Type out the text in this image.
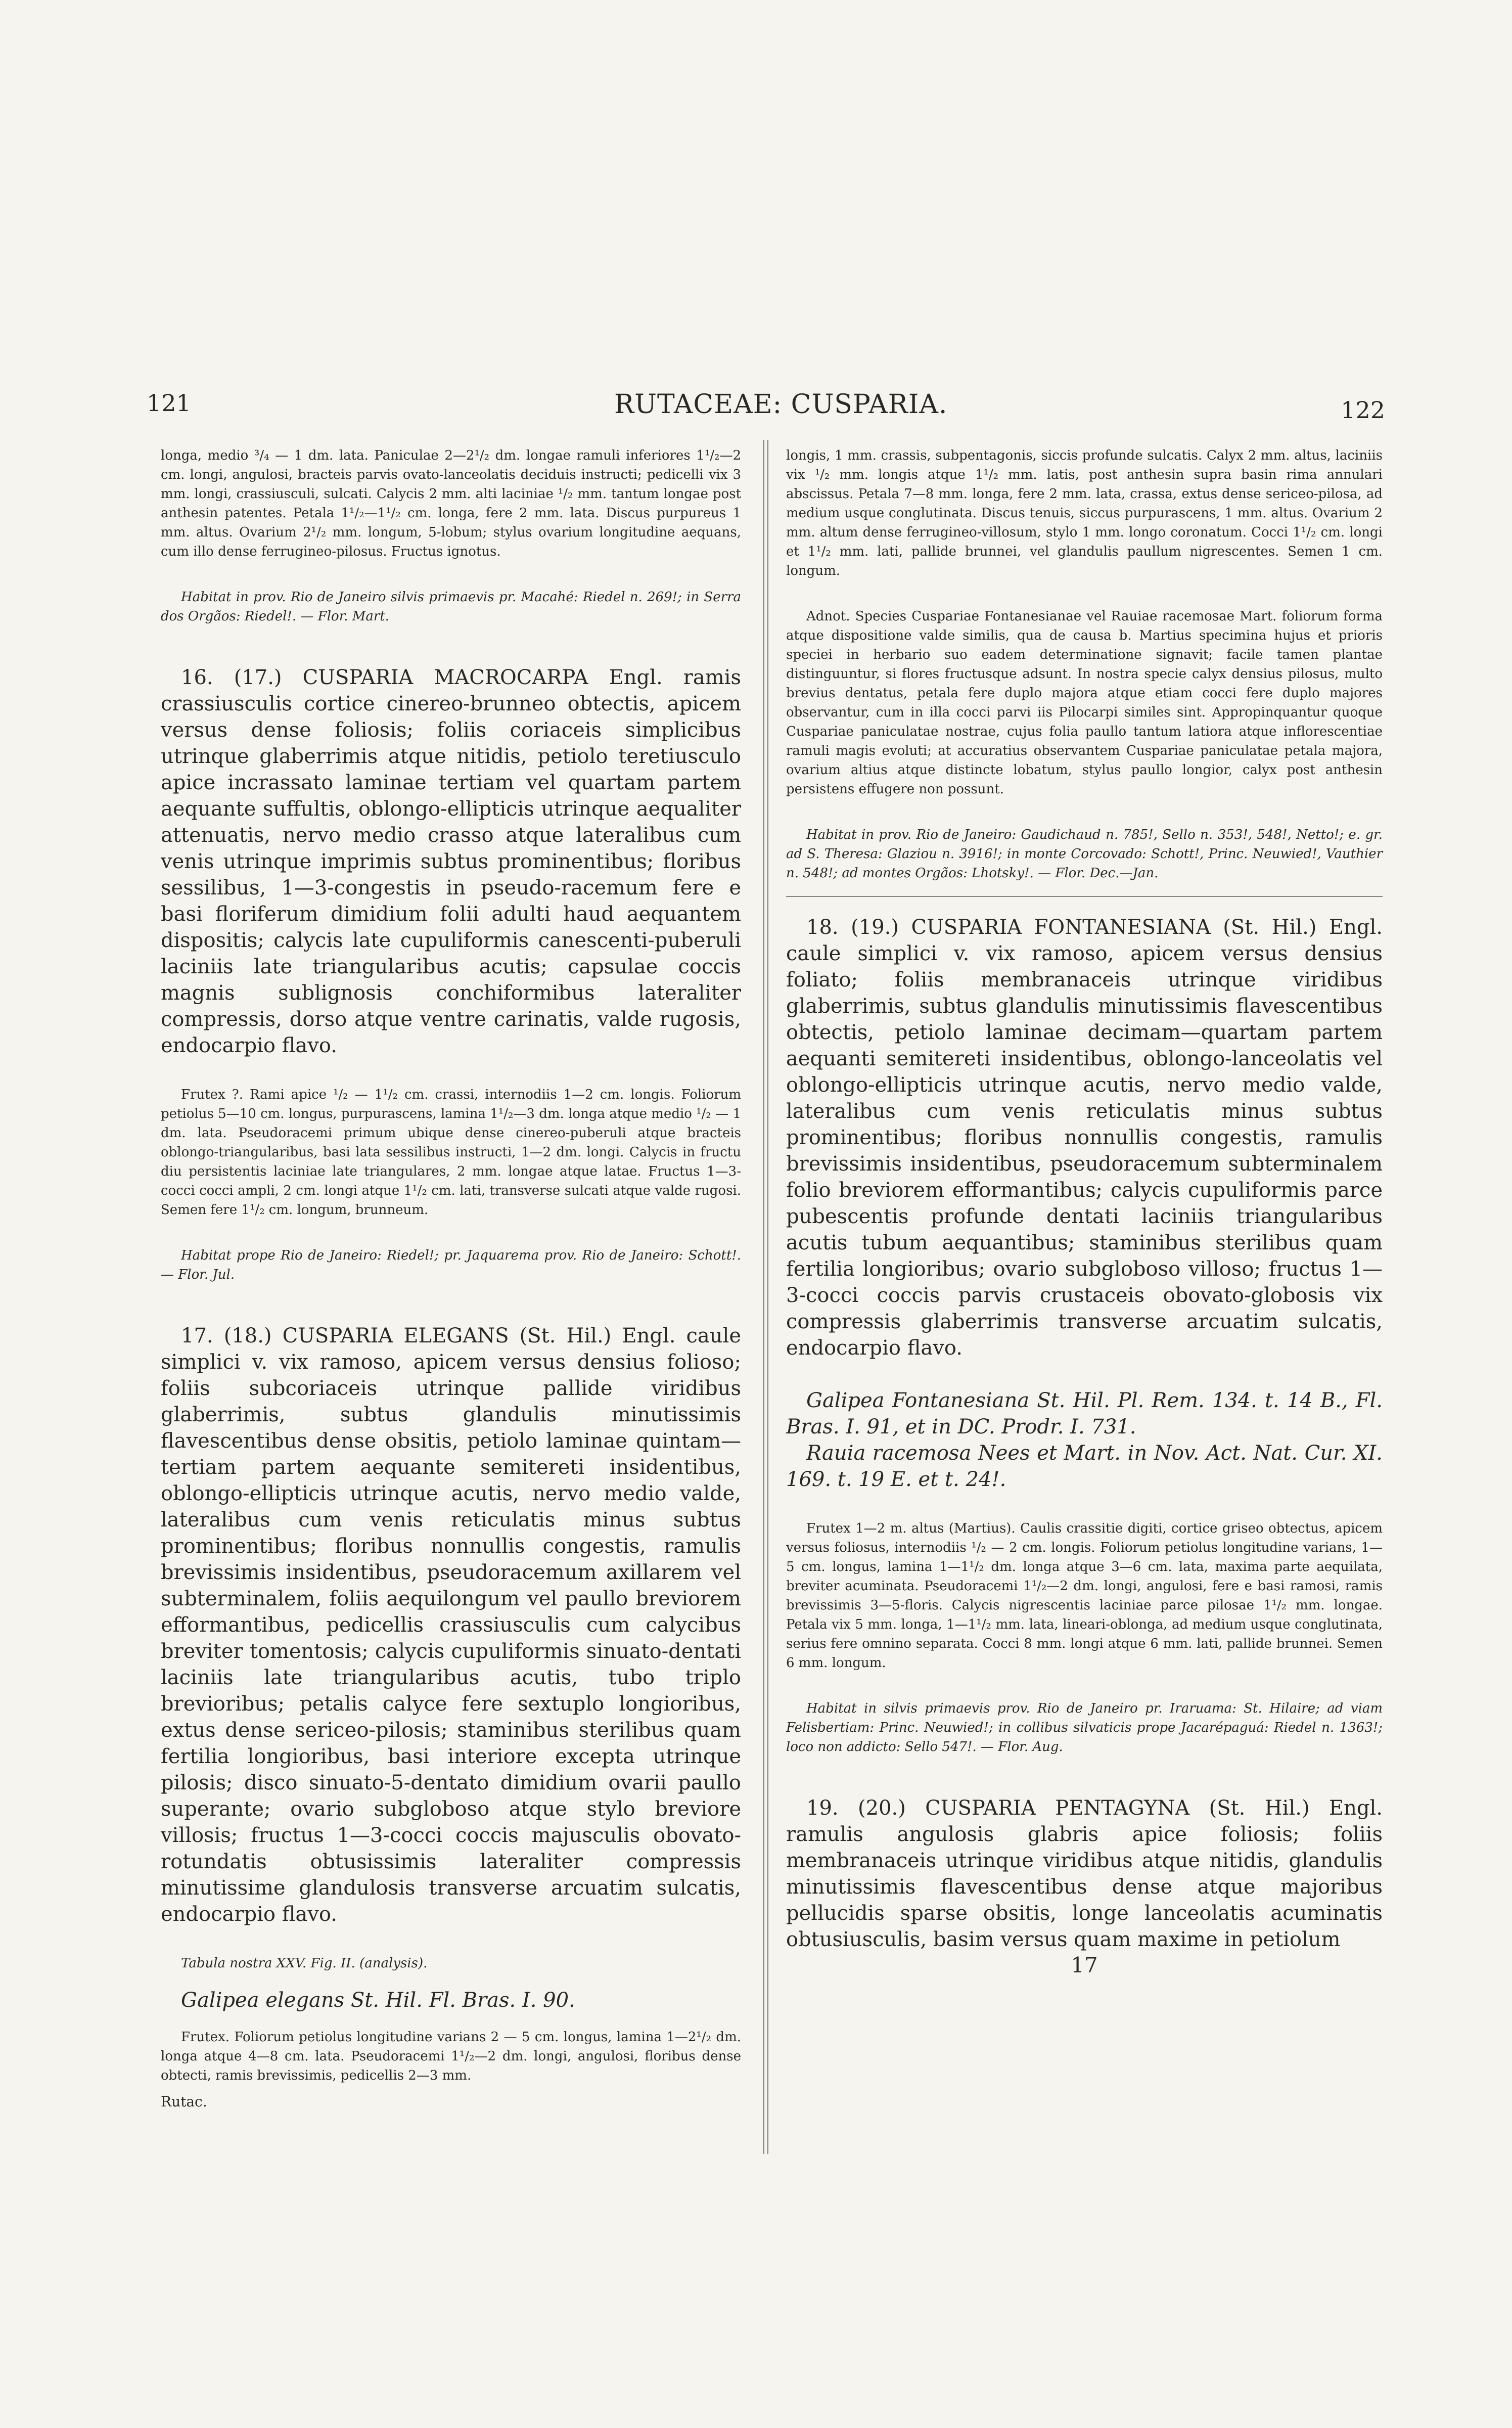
121	RUTACEAE: CUSPARIA.	122

longa, medio ³/₄ — 1 dm. lata. Paniculae 2—2¹/₂ dm. longae ramuli inferiores 1¹/₂—2 cm. longi, angulosi, bracteis parvis ovato-lanceolatis deciduis instructi; pedicelli vix 3 mm. longi, crassiusculi, sulcati. Calycis 2 mm. alti laciniae ¹/₂ mm. tantum longae post anthesin patentes. Petala 1¹/₂—1¹/₂ cm. longa, fere 2 mm. lata. Discus purpureus 1 mm. altus. Ovarium 2¹/₂ mm. longum, 5-lobum; stylus ovarium longitudine aequans, cum illo dense ferrugineo-pilosus. Fructus ignotus.

Habitat in prov. Rio de Janeiro silvis primaevis pr. Macahé: Riedel n. 269!; in Serra dos Orgãos: Riedel!. — Flor. Mart.

16. (17.) CUSPARIA MACROCARPA Engl. ramis crassiusculis cortice cinereo-brunneo obtectis, apicem versus dense foliosis; foliis coriaceis simplicibus utrinque glaberrimis atque nitidis, petiolo teretiusculo apice incrassato laminae tertiam vel quartam partem aequante suffultis, oblongo-ellipticis utrinque aequaliter attenuatis, nervo medio crasso atque lateralibus cum venis utrinque imprimis subtus prominentibus; floribus sessilibus, 1—3-congestis in pseudo-racemum fere e basi floriferum dimidium folii adulti haud aequantem dispositis; calycis late cupuliformis canescenti-puberuli laciniis late triangularibus acutis; capsulae coccis magnis sublignosis conchiformibus lateraliter compressis, dorso atque ventre carinatis, valde rugosis, endocarpio flavo.

Frutex ?. Rami apice ¹/₂ — 1¹/₂ cm. crassi, internodiis 1—2 cm. longis. Foliorum petiolus 5—10 cm. longus, purpurascens, lamina 1¹/₂—3 dm. longa atque medio ¹/₂ — 1 dm. lata. Pseudoracemi primum ubique dense cinereo-puberuli atque bracteis oblongo-triangularibus, basi lata sessilibus instructi, 1—2 dm. longi. Calycis in fructu diu persistentis laciniae late triangulares, 2 mm. longae atque latae. Fructus 1—3-cocci cocci ampli, 2 cm. longi atque 1¹/₂ cm. lati, transverse sulcati atque valde rugosi. Semen fere 1¹/₂ cm. longum, brunneum.

Habitat prope Rio de Janeiro: Riedel!; pr. Jaquarema prov. Rio de Janeiro: Schott!. — Flor. Jul.

17. (18.) CUSPARIA ELEGANS (St. Hil.) Engl. caule simplici v. vix ramoso, apicem versus densius folioso; foliis subcoriaceis utrinque pallide viridibus glaberrimis, subtus glandulis minutissimis flavescentibus dense obsitis, petiolo laminae quintam—tertiam partem aequante semitereti insidentibus, oblongo-ellipticis utrinque acutis, nervo medio valde, lateralibus cum venis reticulatis minus subtus prominentibus; floribus nonnullis congestis, ramulis brevissimis insidentibus, pseudoracemum axillarem vel subterminalem, foliis aequilongum vel paullo breviorem efformantibus, pedicellis crassiusculis cum calycibus breviter tomentosis; calycis cupuliformis sinuato-dentati laciniis late triangularibus acutis, tubo triplo brevioribus; petalis calyce fere sextuplo longioribus, extus dense sericeo-pilosis; staminibus sterilibus quam fertilia longioribus, basi interiore excepta utrinque pilosis; disco sinuato-5-dentato dimidium ovarii paullo superante; ovario subgloboso atque stylo breviore villosis; fructus 1—3-cocci coccis majusculis obovato-rotundatis obtusissimis lateraliter compressis minutissime glandulosis transverse arcuatim sulcatis, endocarpio flavo.

Tabula nostra XXV. Fig. II. (analysis).

Galipea elegans St. Hil. Fl. Bras. I. 90.

Frutex. Foliorum petiolus longitudine varians 2 — 5 cm. longus, lamina 1—2¹/₂ dm. longa atque 4—8 cm. lata. Pseudoracemi 1¹/₂—2 dm. longi, angulosi, floribus dense obtecti, ramis brevissimis, pedicellis 2—3 mm.

Rutac.

longis, 1 mm. crassis, subpentagonis, siccis profunde sulcatis. Calyx 2 mm. altus, laciniis vix ¹/₂ mm. longis atque 1¹/₂ mm. latis, post anthesin supra basin rima annulari abscissus. Petala 7—8 mm. longa, fere 2 mm. lata, crassa, extus dense sericeo-pilosa, ad medium usque conglutinata. Discus tenuis, siccus purpurascens, 1 mm. altus. Ovarium 2 mm. altum dense ferrugineo-villosum, stylo 1 mm. longo coronatum. Cocci 1¹/₂ cm. longi et 1¹/₂ mm. lati, pallide brunnei, vel glandulis paullum nigrescentes. Semen 1 cm. longum.

Adnot. Species Cuspariae Fontanesianae vel Rauiae racemosae Mart. foliorum forma atque dispositione valde similis, qua de causa b. Martius specimina hujus et prioris speciei in herbario suo eadem determinatione signavit; facile tamen plantae distinguuntur, si flores fructusque adsunt. In nostra specie calyx densius pilosus, multo brevius dentatus, petala fere duplo majora atque etiam cocci fere duplo majores observantur, cum in illa cocci parvi iis Pilocarpi similes sint. Appropinquantur quoque Cuspariae paniculatae nostrae, cujus folia paullo tantum latiora atque inflorescentiae ramuli magis evoluti; at accuratius observantem Cuspariae paniculatae petala majora, ovarium altius atque distincte lobatum, stylus paullo longior, calyx post anthesin persistens effugere non possunt.

Habitat in prov. Rio de Janeiro: Gaudichaud n. 785!, Sello n. 353!, 548!, Netto!; e. gr. ad S. Theresa: Glaziou n. 3916!; in monte Corcovado: Schott!, Princ. Neuwied!, Vauthier n. 548!; ad montes Orgãos: Lhotsky!. — Flor. Dec.—Jan.

18. (19.) CUSPARIA FONTANESIANA (St. Hil.) Engl. caule simplici v. vix ramoso, apicem versus densius foliato; foliis membranaceis utrinque viridibus glaberrimis, subtus glandulis minutissimis flavescentibus obtectis, petiolo laminae decimam—quartam partem aequanti semitereti insidentibus, oblongo-lanceolatis vel oblongo-ellipticis utrinque acutis, nervo medio valde, lateralibus cum venis reticulatis minus subtus prominentibus; floribus nonnullis congestis, ramulis brevissimis insidentibus, pseudoracemum subterminalem folio breviorem efformantibus; calycis cupuliformis parce pubescentis profunde dentati laciniis triangularibus acutis tubum aequantibus; staminibus sterilibus quam fertilia longioribus; ovario subgloboso villoso; fructus 1—3-cocci coccis parvis crustaceis obovato-globosis vix compressis glaberrimis transverse arcuatim sulcatis, endocarpio flavo.

Galipea Fontanesiana St. Hil. Pl. Rem. 134. t. 14 B., Fl. Bras. I. 91, et in DC. Prodr. I. 731.

Rauia racemosa Nees et Mart. in Nov. Act. Nat. Cur. XI. 169. t. 19 E. et t. 24!.

Frutex 1—2 m. altus (Martius). Caulis crassitie digiti, cortice griseo obtectus, apicem versus foliosus, internodiis ¹/₂ — 2 cm. longis. Foliorum petiolus longitudine varians, 1—5 cm. longus, lamina 1—1¹/₂ dm. longa atque 3—6 cm. lata, maxima parte aequilata, breviter acuminata. Pseudoracemi 1¹/₂—2 dm. longi, angulosi, fere e basi ramosi, ramis brevissimis 3—5-floris. Calycis nigrescentis laciniae parce pilosae 1¹/₂ mm. longae. Petala vix 5 mm. longa, 1—1¹/₂ mm. lata, lineari-oblonga, ad medium usque conglutinata, serius fere omnino separata. Cocci 8 mm. longi atque 6 mm. lati, pallide brunnei. Semen 6 mm. longum.

Habitat in silvis primaevis prov. Rio de Janeiro pr. Iraruama: St. Hilaire; ad viam Felisbertiam: Princ. Neuwied!; in collibus silvaticis prope Jacarépaguá: Riedel n. 1363!; loco non addicto: Sello 547!. — Flor. Aug.

19. (20.) CUSPARIA PENTAGYNA (St. Hil.) Engl. ramulis angulosis glabris apice foliosis; foliis membranaceis utrinque viridibus atque nitidis, glandulis minutissimis flavescentibus dense atque majoribus pellucidis sparse obsitis, longe lanceolatis acuminatis obtusiusculis, basim versus quam maxime in petiolum

17
